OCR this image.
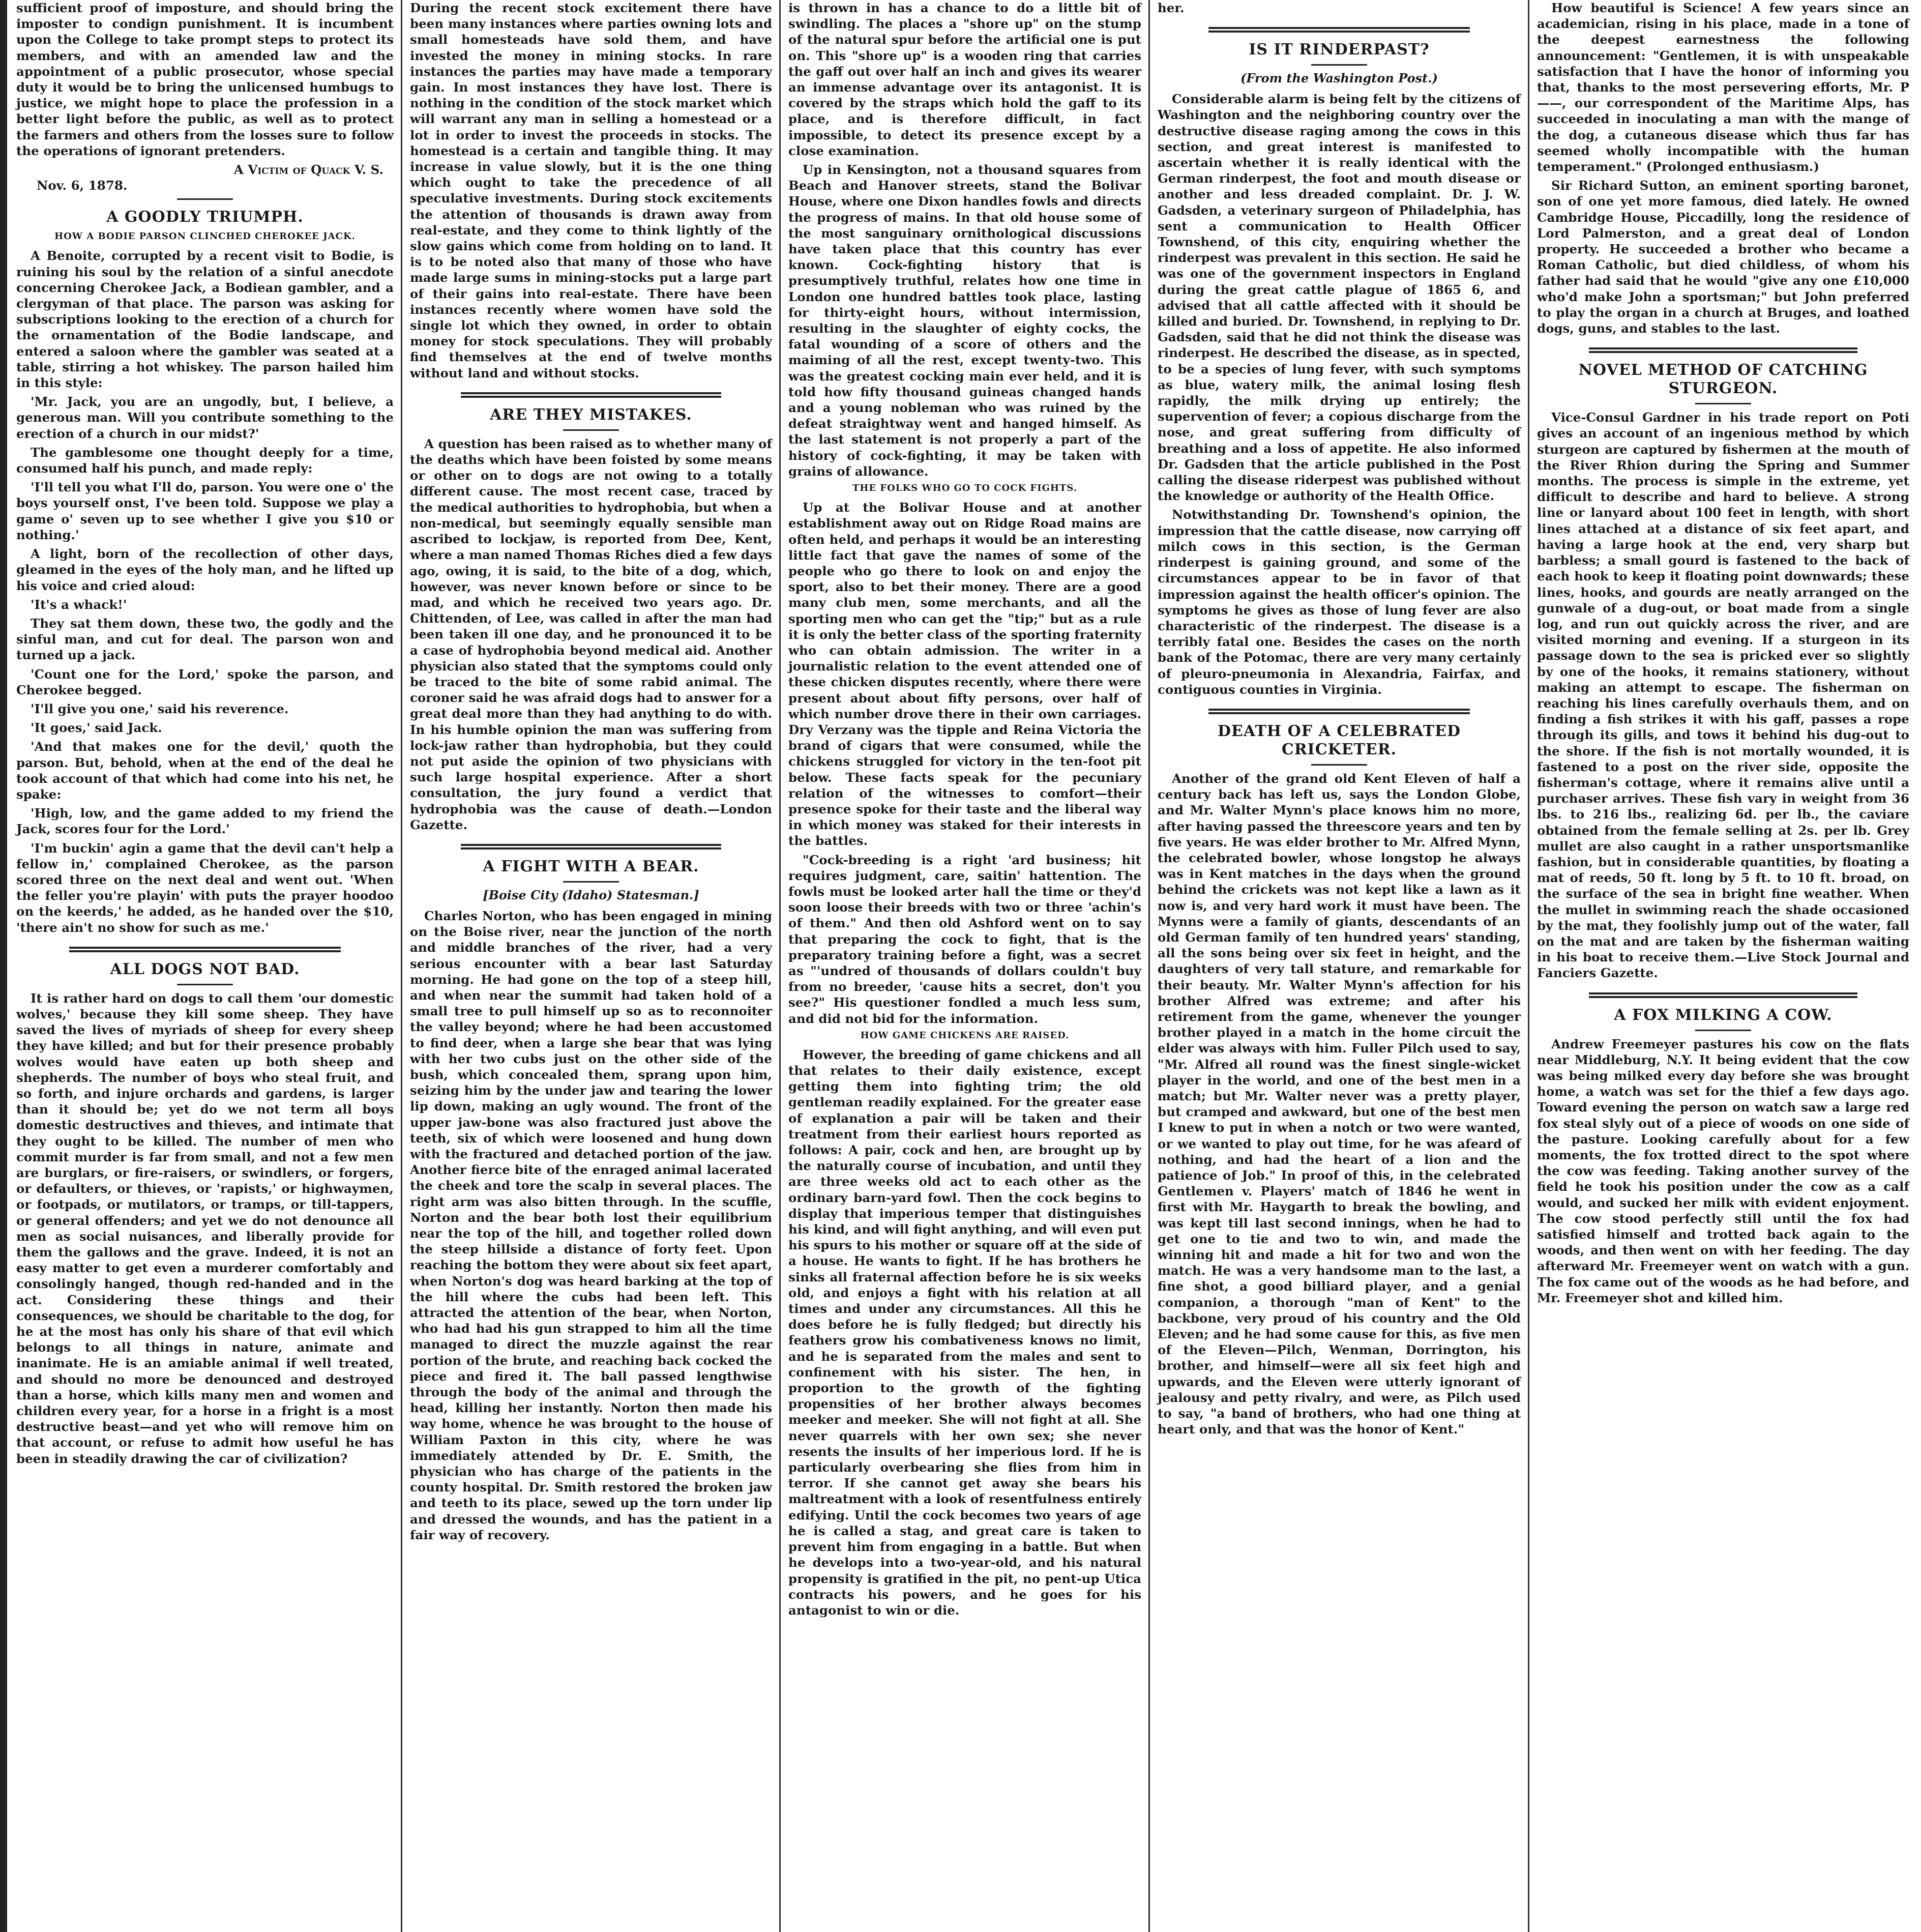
sufficient proof of imposture, and should bring the imposter to condign punishment. It is incumbent upon the College to take prompt steps to protect its members, and with an amended law and the appointment of a public prosecutor, whose special duty it would be to bring the unlicensed humbugs to justice, we might hope to place the profession in a better light before the public, as well as to protect the farmers and others from the losses sure to follow the operations of ignorant pretenders.

A Victim of Quack V. S.
Nov. 6, 1878.
A GOODLY TRIUMPH.
HOW A BODIE PARSON CLINCHED CHEROKEE JACK.

A Benoite, corrupted by a recent visit to Bodie, is ruining his soul by the relation of a sinful anecdote concerning Cherokee Jack, a Bodiean gambler, and a clergyman of that place. The parson was asking for subscriptions looking to the erection of a church for the ornamentation of the Bodie landscape, and entered a saloon where the gambler was seated at a table, stirring a hot whiskey. The parson hailed him in this style:

'Mr. Jack, you are an ungodly, but, I believe, a generous man. Will you contribute something to the erection of a church in our midst?'

The gamblesome one thought deeply for a time, consumed half his punch, and made reply:

'I'll tell you what I'll do, parson. You were one o' the boys yourself onst, I've been told. Suppose we play a game o' seven up to see whether I give you $10 or nothing.'

A light, born of the recollection of other days, gleamed in the eyes of the holy man, and he lifted up his voice and cried aloud:

'It's a whack!'

They sat them down, these two, the godly and the sinful man, and cut for deal. The parson won and turned up a jack.

'Count one for the Lord,' spoke the parson, and Cherokee begged.

'I'll give you one,' said his reverence.

'It goes,' said Jack.

'And that makes one for the devil,' quoth the parson. But, behold, when at the end of the deal he took account of that which had come into his net, he spake:

'High, low, and the game added to my friend the Jack, scores four for the Lord.'

'I'm buckin' agin a game that the devil can't help a fellow in,' complained Cherokee, as the parson scored three on the next deal and went out. 'When the feller you're playin' with puts the prayer hoodoo on the keerds,' he added, as he handed over the $10, 'there ain't no show for such as me.'

ALL DOGS NOT BAD.

It is rather hard on dogs to call them 'our domestic wolves,' because they kill some sheep. They have saved the lives of myriads of sheep for every sheep they have killed; and but for their presence probably wolves would have eaten up both sheep and shepherds. The number of boys who steal fruit, and so forth, and injure orchards and gardens, is larger than it should be; yet do we not term all boys domestic destructives and thieves, and intimate that they ought to be killed. The number of men who commit murder is far from small, and not a few men are burglars, or fire-raisers, or swindlers, or forgers, or defaulters, or thieves, or 'rapists,' or highwaymen, or footpads, or mutilators, or tramps, or till-tappers, or general offenders; and yet we do not denounce all men as social nuisances, and liberally provide for them the gallows and the grave. Indeed, it is not an easy matter to get even a murderer comfortably and consolingly hanged, though red-handed and in the act. Considering these things and their consequences, we should be charitable to the dog, for he at the most has only his share of that evil which belongs to all things in nature, animate and inanimate. He is an amiable animal if well treated, and should no more be denounced and destroyed than a horse, which kills many men and women and children every year, for a horse in a fright is a most destructive beast—and yet who will remove him on that account, or refuse to admit how useful he has been in steadily drawing the car of civilization?

During the recent stock excitement there have been many instances where parties owning lots and small homesteads have sold them, and have invested the money in mining stocks. In rare instances the parties may have made a temporary gain. In most instances they have lost. There is nothing in the condition of the stock market which will warrant any man in selling a homestead or a lot in order to invest the proceeds in stocks. The homestead is a certain and tangible thing. It may increase in value slowly, but it is the one thing which ought to take the precedence of all speculative investments. During stock excitements the attention of thousands is drawn away from real-estate, and they come to think lightly of the slow gains which come from holding on to land. It is to be noted also that many of those who have made large sums in mining-stocks put a large part of their gains into real-estate. There have been instances recently where women have sold the single lot which they owned, in order to obtain money for stock speculations. They will probably find themselves at the end of twelve months without land and without stocks.

ARE THEY MISTAKES.

A question has been raised as to whether many of the deaths which have been foisted by some means or other on to dogs are not owing to a totally different cause. The most recent case, traced by the medical authorities to hydrophobia, but when a non-medical, but seemingly equally sensible man ascribed to lockjaw, is reported from Dee, Kent, where a man named Thomas Riches died a few days ago, owing, it is said, to the bite of a dog, which, however, was never known before or since to be mad, and which he received two years ago. Dr. Chittenden, of Lee, was called in after the man had been taken ill one day, and he pronounced it to be a case of hydrophobia beyond medical aid. Another physician also stated that the symptoms could only be traced to the bite of some rabid animal. The coroner said he was afraid dogs had to answer for a great deal more than they had anything to do with. In his humble opinion the man was suffering from lock-jaw rather than hydrophobia, but they could not put aside the opinion of two physicians with such large hospital experience. After a short consultation, the jury found a verdict that hydrophobia was the cause of death.—London Gazette.

A FIGHT WITH A BEAR.
[Boise City (Idaho) Statesman.]

Charles Norton, who has been engaged in mining on the Boise river, near the junction of the north and middle branches of the river, had a very serious encounter with a bear last Saturday morning. He had gone on the top of a steep hill, and when near the summit had taken hold of a small tree to pull himself up so as to reconnoiter the valley beyond; where he had been accustomed to find deer, when a large she bear that was lying with her two cubs just on the other side of the bush, which concealed them, sprang upon him, seizing him by the under jaw and tearing the lower lip down, making an ugly wound. The front of the upper jaw-bone was also fractured just above the teeth, six of which were loosened and hung down with the fractured and detached portion of the jaw. Another fierce bite of the enraged animal lacerated the cheek and tore the scalp in several places. The right arm was also bitten through. In the scuffle, Norton and the bear both lost their equilibrium near the top of the hill, and together rolled down the steep hillside a distance of forty feet. Upon reaching the bottom they were about six feet apart, when Norton's dog was heard barking at the top of the hill where the cubs had been left. This attracted the attention of the bear, when Norton, who had had his gun strapped to him all the time managed to direct the muzzle against the rear portion of the brute, and reaching back cocked the piece and fired it. The ball passed lengthwise through the body of the animal and through the head, killing her instantly. Norton then made his way home, whence he was brought to the house of William Paxton in this city, where he was immediately attended by Dr. E. Smith, the physician who has charge of the patients in the county hospital. Dr. Smith restored the broken jaw and teeth to its place, sewed up the torn under lip and dressed the wounds, and has the patient in a fair way of recovery.

is thrown in has a chance to do a little bit of swindling. The places a "shore up" on the stump of the natural spur before the artificial one is put on. This "shore up" is a wooden ring that carries the gaff out over half an inch and gives its wearer an immense advantage over its antagonist. It is covered by the straps which hold the gaff to its place, and is therefore difficult, in fact impossible, to detect its presence except by a close examination.

Up in Kensington, not a thousand squares from Beach and Hanover streets, stand the Bolivar House, where one Dixon handles fowls and directs the progress of mains. In that old house some of the most sanguinary ornithological discussions have taken place that this country has ever known. Cock-fighting history that is presumptively truthful, relates how one time in London one hundred battles took place, lasting for thirty-eight hours, without intermission, resulting in the slaughter of eighty cocks, the fatal wounding of a score of others and the maiming of all the rest, except twenty-two. This was the greatest cocking main ever held, and it is told how fifty thousand guineas changed hands and a young nobleman who was ruined by the defeat straightway went and hanged himself. As the last statement is not properly a part of the history of cock-fighting, it may be taken with grains of allowance.

THE FOLKS WHO GO TO COCK FIGHTS.

Up at the Bolivar House and at another establishment away out on Ridge Road mains are often held, and perhaps it would be an interesting little fact that gave the names of some of the people who go there to look on and enjoy the sport, also to bet their money. There are a good many club men, some merchants, and all the sporting men who can get the "tip;" but as a rule it is only the better class of the sporting fraternity who can obtain admission. The writer in a journalistic relation to the event attended one of these chicken disputes recently, where there were present about about fifty persons, over half of which number drove there in their own carriages. Dry Verzany was the tipple and Reina Victoria the brand of cigars that were consumed, while the chickens struggled for victory in the ten-foot pit below. These facts speak for the pecuniary relation of the witnesses to comfort—their presence spoke for their taste and the liberal way in which money was staked for their interests in the battles.

"Cock-breeding is a right 'ard business; hit requires judgment, care, saitin' hattention. The fowls must be looked arter hall the time or they'd soon loose their breeds with two or three 'achin's of them." And then old Ashford went on to say that preparing the cock to fight, that is the preparatory training before a fight, was a secret as "'undred of thousands of dollars couldn't buy from no breeder, 'cause hits a secret, don't you see?" His questioner fondled a much less sum, and did not bid for the information.

HOW GAME CHICKENS ARE RAISED.

However, the breeding of game chickens and all that relates to their daily existence, except getting them into fighting trim; the old gentleman readily explained. For the greater ease of explanation a pair will be taken and their treatment from their earliest hours reported as follows: A pair, cock and hen, are brought up by the naturally course of incubation, and until they are three weeks old act to each other as the ordinary barn-yard fowl. Then the cock begins to display that imperious temper that distinguishes his kind, and will fight anything, and will even put his spurs to his mother or square off at the side of a house. He wants to fight. If he has brothers he sinks all fraternal affection before he is six weeks old, and enjoys a fight with his relation at all times and under any circumstances. All this he does before he is fully fledged; but directly his feathers grow his combativeness knows no limit, and he is separated from the males and sent to confinement with his sister. The hen, in proportion to the growth of the fighting propensities of her brother always becomes meeker and meeker. She will not fight at all. She never quarrels with her own sex; she never resents the insults of her imperious lord. If he is particularly overbearing she flies from him in terror. If she cannot get away she bears his maltreatment with a look of resentfulness entirely edifying. Until the cock becomes two years of age he is called a stag, and great care is taken to prevent him from engaging in a battle. But when he develops into a two-year-old, and his natural propensity is gratified in the pit, no pent-up Utica contracts his powers, and he goes for his antagonist to win or die.

her.

IS IT RINDERPAST?
(From the Washington Post.)

Considerable alarm is being felt by the citizens of Washington and the neighboring country over the destructive disease raging among the cows in this section, and great interest is manifested to ascertain whether it is really identical with the German rinderpest, the foot and mouth disease or another and less dreaded complaint. Dr. J. W. Gadsden, a veterinary surgeon of Philadelphia, has sent a communication to Health Officer Townshend, of this city, enquiring whether the rinderpest was prevalent in this section. He said he was one of the government inspectors in England during the great cattle plague of 1865 6, and advised that all cattle affected with it should be killed and buried. Dr. Townshend, in replying to Dr. Gadsden, said that he did not think the disease was rinderpest. He described the disease, as in spected, to be a species of lung fever, with such symptoms as blue, watery milk, the animal losing flesh rapidly, the milk drying up entirely; the supervention of fever; a copious discharge from the nose, and great suffering from difficulty of breathing and a loss of appetite. He also informed Dr. Gadsden that the article published in the Post calling the disease riderpest was published without the knowledge or authority of the Health Office.

Notwithstanding Dr. Townshend's opinion, the impression that the cattle disease, now carrying off milch cows in this section, is the German rinderpest is gaining ground, and some of the circumstances appear to be in favor of that impression against the health officer's opinion. The symptoms he gives as those of lung fever are also characteristic of the rinderpest. The disease is a terribly fatal one. Besides the cases on the north bank of the Potomac, there are very many certainly of pleuro-pneumonia in Alexandria, Fairfax, and contiguous counties in Virginia.

DEATH OF A CELEBRATED CRICKETER.

Another of the grand old Kent Eleven of half a century back has left us, says the London Globe, and Mr. Walter Mynn's place knows him no more, after having passed the threescore years and ten by five years. He was elder brother to Mr. Alfred Mynn, the celebrated bowler, whose longstop he always was in Kent matches in the days when the ground behind the crickets was not kept like a lawn as it now is, and very hard work it must have been. The Mynns were a family of giants, descendants of an old German family of ten hundred years' standing, all the sons being over six feet in height, and the daughters of very tall stature, and remarkable for their beauty. Mr. Walter Mynn's affection for his brother Alfred was extreme; and after his retirement from the game, whenever the younger brother played in a match in the home circuit the elder was always with him. Fuller Pilch used to say, "Mr. Alfred all round was the finest single-wicket player in the world, and one of the best men in a match; but Mr. Walter never was a pretty player, but cramped and awkward, but one of the best men I knew to put in when a notch or two were wanted, or we wanted to play out time, for he was afeard of nothing, and had the heart of a lion and the patience of Job." In proof of this, in the celebrated Gentlemen v. Players' match of 1846 he went in first with Mr. Haygarth to break the bowling, and was kept till last second innings, when he had to get one to tie and two to win, and made the winning hit and made a hit for two and won the match. He was a very handsome man to the last, a fine shot, a good billiard player, and a genial companion, a thorough "man of Kent" to the backbone, very proud of his country and the Old Eleven; and he had some cause for this, as five men of the Eleven—Pilch, Wenman, Dorrington, his brother, and himself—were all six feet high and upwards, and the Eleven were utterly ignorant of jealousy and petty rivalry, and were, as Pilch used to say, "a band of brothers, who had one thing at heart only, and that was the honor of Kent."

How beautiful is Science! A few years since an academician, rising in his place, made in a tone of the deepest earnestness the following announcement: "Gentlemen, it is with unspeakable satisfaction that I have the honor of informing you that, thanks to the most persevering efforts, Mr. P——, our correspondent of the Maritime Alps, has succeeded in inoculating a man with the mange of the dog, a cutaneous disease which thus far has seemed wholly incompatible with the human temperament." (Prolonged enthusiasm.)

Sir Richard Sutton, an eminent sporting baronet, son of one yet more famous, died lately. He owned Cambridge House, Piccadilly, long the residence of Lord Palmerston, and a great deal of London property. He succeeded a brother who became a Roman Catholic, but died childless, of whom his father had said that he would "give any one £10,000 who'd make John a sportsman;" but John preferred to play the organ in a church at Bruges, and loathed dogs, guns, and stables to the last.

NOVEL METHOD OF CATCHING STURGEON.

Vice-Consul Gardner in his trade report on Poti gives an account of an ingenious method by which sturgeon are captured by fishermen at the mouth of the River Rhion during the Spring and Summer months. The process is simple in the extreme, yet difficult to describe and hard to believe. A strong line or lanyard about 100 feet in length, with short lines attached at a distance of six feet apart, and having a large hook at the end, very sharp but barbless; a small gourd is fastened to the back of each hook to keep it floating point downwards; these lines, hooks, and gourds are neatly arranged on the gunwale of a dug-out, or boat made from a single log, and run out quickly across the river, and are visited morning and evening. If a sturgeon in its passage down to the sea is pricked ever so slightly by one of the hooks, it remains stationery, without making an attempt to escape. The fisherman on reaching his lines carefully overhauls them, and on finding a fish strikes it with his gaff, passes a rope through its gills, and tows it behind his dug-out to the shore. If the fish is not mortally wounded, it is fastened to a post on the river side, opposite the fisherman's cottage, where it remains alive until a purchaser arrives. These fish vary in weight from 36 lbs. to 216 lbs., realizing 6d. per lb., the caviare obtained from the female selling at 2s. per lb. Grey mullet are also caught in a rather unsportsmanlike fashion, but in considerable quantities, by floating a mat of reeds, 50 ft. long by 5 ft. to 10 ft. broad, on the surface of the sea in bright fine weather. When the mullet in swimming reach the shade occasioned by the mat, they foolishly jump out of the water, fall on the mat and are taken by the fisherman waiting in his boat to receive them.—Live Stock Journal and Fanciers Gazette.

A FOX MILKING A COW.

Andrew Freemeyer pastures his cow on the flats near Middleburg, N.Y. It being evident that the cow was being milked every day before she was brought home, a watch was set for the thief a few days ago. Toward evening the person on watch saw a large red fox steal slyly out of a piece of woods on one side of the pasture. Looking carefully about for a few moments, the fox trotted direct to the spot where the cow was feeding. Taking another survey of the field he took his position under the cow as a calf would, and sucked her milk with evident enjoyment. The cow stood perfectly still until the fox had satisfied himself and trotted back again to the woods, and then went on with her feeding. The day afterward Mr. Freemeyer went on watch with a gun. The fox came out of the woods as he had before, and Mr. Freemeyer shot and killed him.
